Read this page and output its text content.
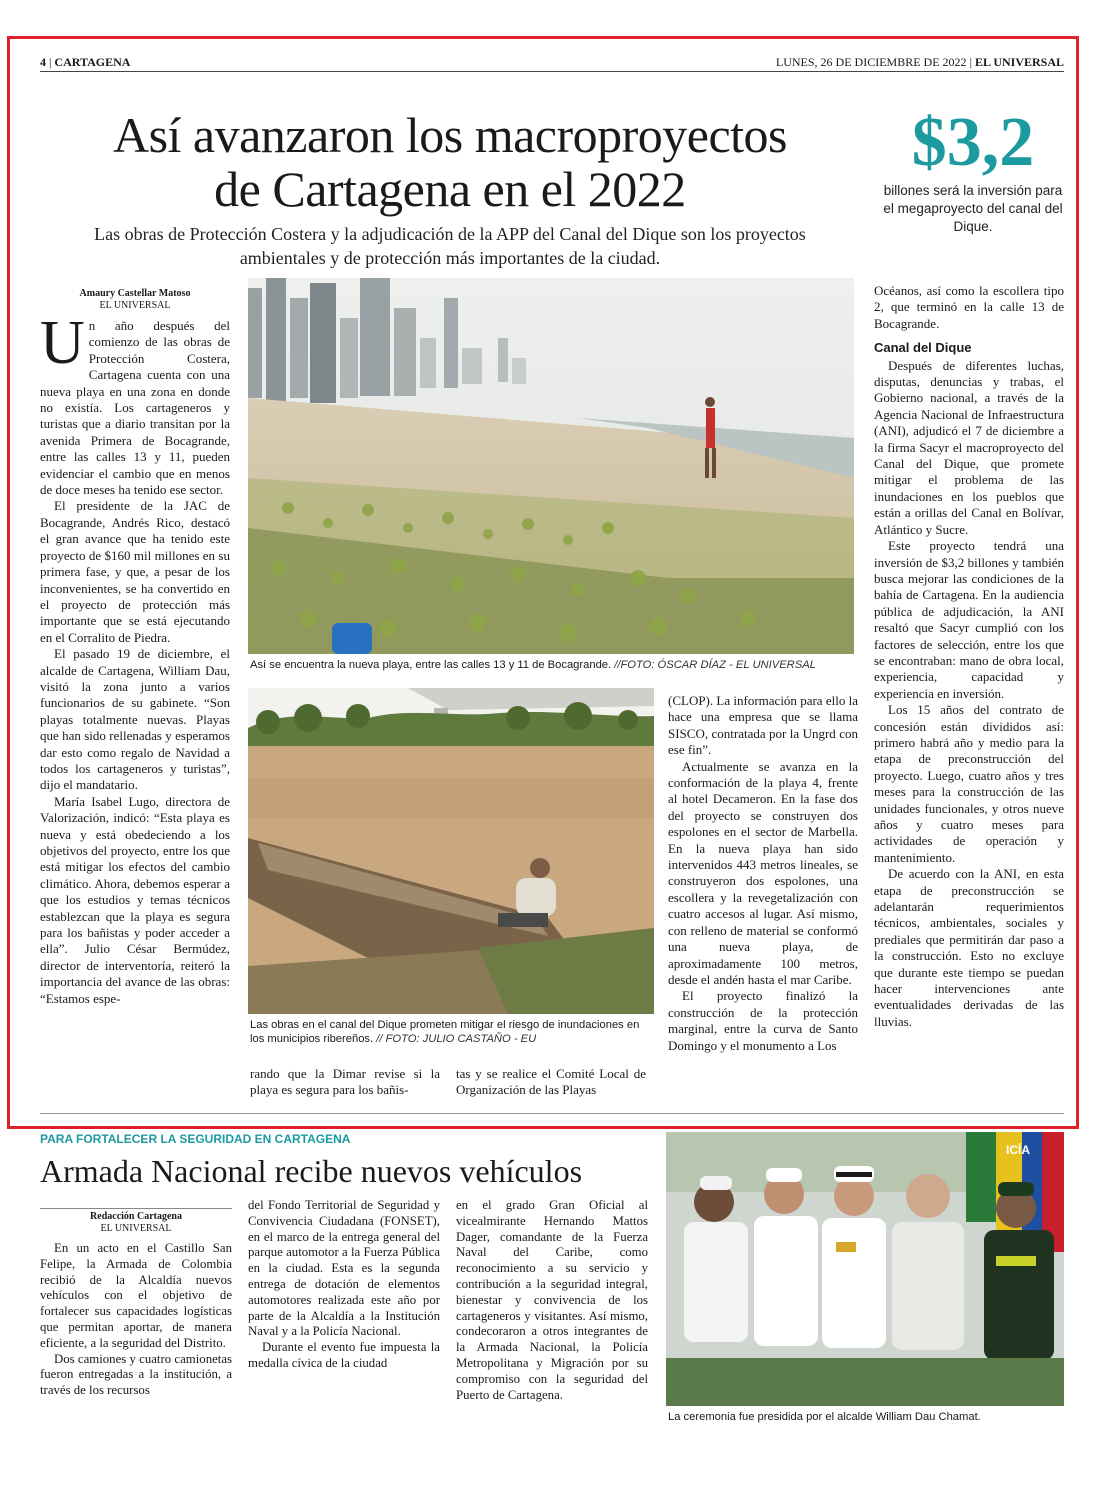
4 | CARTAGENA	LUNES, 26 DE DICIEMBRE DE 2022 | EL UNIVERSAL
Así avanzaron los macroproyectos
de Cartagena en el 2022
Las obras de Protección Costera y la adjudicación de la APP del Canal del Dique son los proyectos ambientales y de protección más importantes de la ciudad.
$3,2
billones será la inversión para el megaproyecto del canal del Dique.
Amaury Castellar Matoso
EL UNIVERSAL

Un año después del comienzo de las obras de Protección Costera, Cartagena cuenta con una nueva playa en una zona en donde no existía. Los cartageneros y turistas que a diario transitan por la avenida Primera de Bocagrande, entre las calles 13 y 11, pueden evidenciar el cambio que en menos de doce meses ha tenido ese sector.

El presidente de la JAC de Bocagrande, Andrés Rico, destacó el gran avance que ha tenido este proyecto de $160 mil millones en su primera fase, y que, a pesar de los inconvenientes, se ha convertido en el proyecto de protección más importante que se está ejecutando en el Corralito de Piedra.

El pasado 19 de diciembre, el alcalde de Cartagena, William Dau, visitó la zona junto a varios funcionarios de su gabinete. “Son playas totalmente nuevas. Playas que han sido rellenadas y esperamos dar esto como regalo de Navidad a todos los cartageneros y turistas”, dijo el mandatario.

María Isabel Lugo, directora de Valorización, indicó: “Esta playa es nueva y está obedeciendo a los objetivos del proyecto, entre los que está mitigar los efectos del cambio climático. Ahora, debemos esperar a que los estudios y temas técnicos establezcan que la playa es segura para los bañistas y poder acceder a ella”. Julio César Bermúdez, director de interventoría, reiteró la importancia del avance de las obras: “Estamos espe-

Así se encuentra la nueva playa, entre las calles 13 y 11 de Bocagrande. //FOTO: ÓSCAR DÍAZ - EL UNIVERSAL
Las obras en el canal del Dique prometen mitigar el riesgo de inundaciones en los municipios ribereños. // FOTO: JULIO CASTAÑO - EU

rando que la Dimar revise si la playa es segura para los bañis-

tas y se realice el Comité Local de Organización de las Playas

(CLOP). La información para ello la hace una empresa que se llama SISCO, contratada por la Ungrd con ese fin”.

Actualmente se avanza en la conformación de la playa 4, frente al hotel Decameron. En la fase dos del proyecto se construyen dos espolones en el sector de Marbella. En la nueva playa han sido intervenidos 443 metros lineales, se construyeron dos espolones, una escollera y la revegetalización con cuatro accesos al lugar. Así mismo, con relleno de material se conformó una nueva playa, de aproximadamente 100 metros, desde el andén hasta el mar Caribe.

El proyecto finalizó la construcción de la protección marginal, entre la curva de Santo Domingo y el monumento a Los

Océanos, así como la escollera tipo 2, que terminó en la calle 13 de Bocagrande.

Canal del Dique

Después de diferentes luchas, disputas, denuncias y trabas, el Gobierno nacional, a través de la Agencia Nacional de Infraestructura (ANI), adjudicó el 7 de diciembre a la firma Sacyr el macroproyecto del Canal del Dique, que promete mitigar el problema de las inundaciones en los pueblos que están a orillas del Canal en Bolívar, Atlántico y Sucre.

Este proyecto tendrá una inversión de $3,2 billones y también busca mejorar las condiciones de la bahía de Cartagena. En la audiencia pública de adjudicación, la ANI resaltó que Sacyr cumplió con los factores de selección, entre los que se encontraban: mano de obra local, experiencia, capacidad y experiencia en inversión.

Los 15 años del contrato de concesión están divididos así: primero habrá año y medio para la etapa de preconstrucción del proyecto. Luego, cuatro años y tres meses para la construcción de las unidades funcionales, y otros nueve años y cuatro meses para actividades de operación y mantenimiento.

De acuerdo con la ANI, en esta etapa de preconstrucción se adelantarán requerimientos técnicos, ambientales, sociales y prediales que permitirán dar paso a la construcción. Esto no excluye que durante este tiempo se puedan hacer intervenciones ante eventualidades derivadas de las lluvias.

PARA FORTALECER LA SEGURIDAD EN CARTAGENA
Armada Nacional recibe nuevos vehículos
Redacción Cartagena
EL UNIVERSAL

En un acto en el Castillo San Felipe, la Armada de Colombia recibió de la Alcaldía nuevos vehículos con el objetivo de fortalecer sus capacidades logísticas que permitan aportar, de manera eficiente, a la seguridad del Distrito.

Dos camiones y cuatro camionetas fueron entregadas a la institución, a través de los recursos

del Fondo Territorial de Seguridad y Convivencia Ciudadana (FONSET), en el marco de la entrega general del parque automotor a la Fuerza Pública en la ciudad. Esta es la segunda entrega de dotación de elementos automotores realizada este año por parte de la Alcaldía a la Institución Naval y a la Policía Nacional.

Durante el evento fue impuesta la medalla cívica de la ciudad

en el grado Gran Oficial al vicealmirante Hernando Mattos Dager, comandante de la Fuerza Naval del Caribe, como reconocimiento a su servicio y contribución a la seguridad integral, bienestar y convivencia de los cartageneros y visitantes. Así mismo, condecoraron a otros integrantes de la Armada Nacional, la Policía Metropolitana y Migración por su compromiso con la seguridad del Puerto de Cartagena.

ICÍA
La ceremonia fue presidida por el alcalde William Dau Chamat.
